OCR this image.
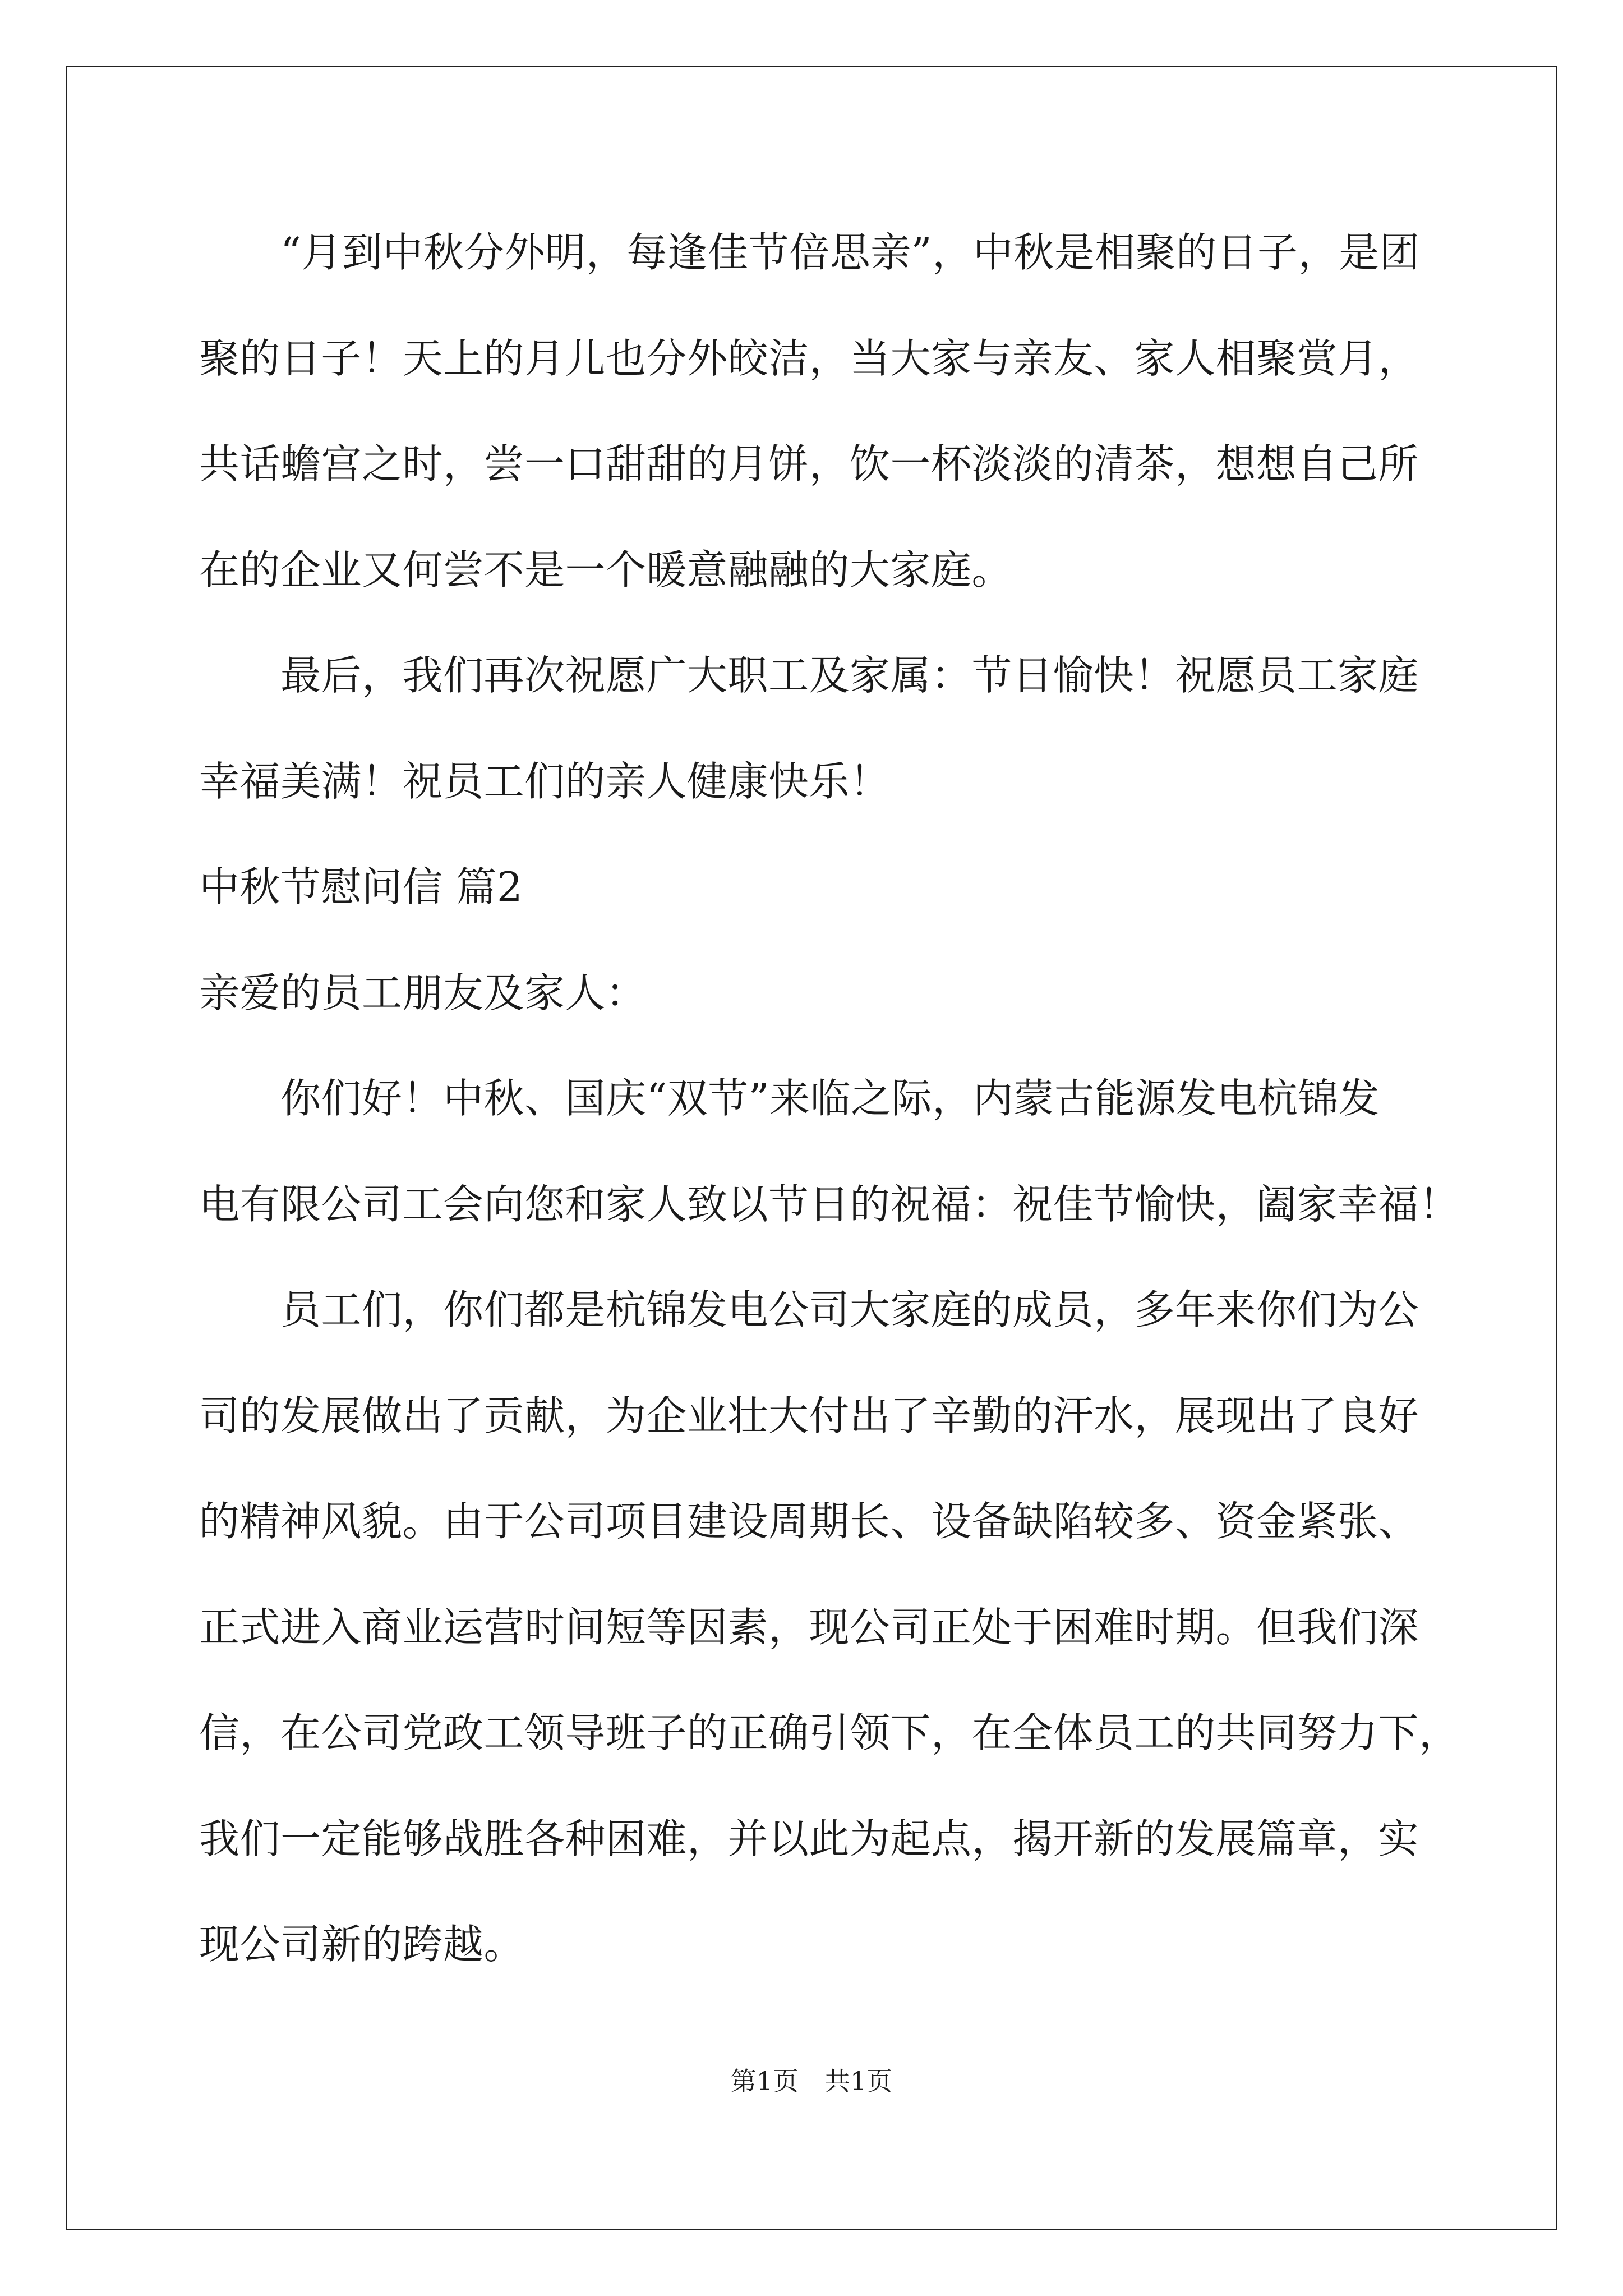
　　“月到中秋分外明，每逢佳节倍思亲”，中秋是相聚的日子，是团
聚的日子！天上的月儿也分外皎洁，当大家与亲友、家人相聚赏月，
共话蟾宫之时，尝一口甜甜的月饼，饮一杯淡淡的清茶，想想自己所
在的企业又何尝不是一个暖意融融的大家庭。
　　最后，我们再次祝愿广大职工及家属：节日愉快！祝愿员工家庭
幸福美满！祝员工们的亲人健康快乐！
中秋节慰问信 篇2
亲爱的员工朋友及家人：
　　你们好！中秋、国庆“双节”来临之际，内蒙古能源发电杭锦发
电有限公司工会向您和家人致以节日的祝福：祝佳节愉快，阖家幸福！
　　员工们，你们都是杭锦发电公司大家庭的成员，多年来你们为公
司的发展做出了贡献，为企业壮大付出了辛勤的汗水，展现出了良好
的精神风貌。由于公司项目建设周期长、设备缺陷较多、资金紧张、
正式进入商业运营时间短等因素，现公司正处于困难时期。但我们深
信，在公司党政工领导班子的正确引领下，在全体员工的共同努力下，
我们一定能够战胜各种困难，并以此为起点，揭开新的发展篇章，实
现公司新的跨越。
第1页　共1页
